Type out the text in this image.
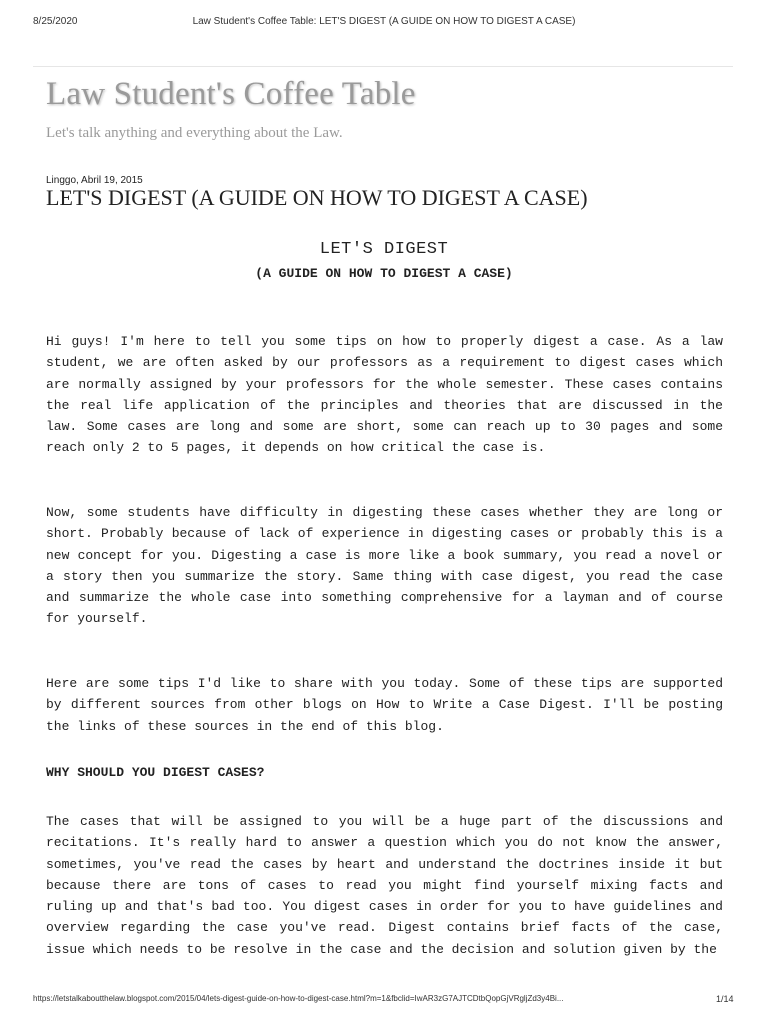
8/25/2020	Law Student's Coffee Table: LET'S DIGEST (A GUIDE ON HOW TO DIGEST A CASE)
Law Student's Coffee Table
Let's talk anything and everything about the Law.
Linggo, Abril 19, 2015
LET'S DIGEST (A GUIDE ON HOW TO DIGEST A CASE)
LET'S DIGEST
(A GUIDE ON HOW TO DIGEST A CASE)

Hi guys! I'm here to tell you some tips on how to properly digest a case. As a law student, we are often asked by our professors as a requirement to digest cases which are normally assigned by your professors for the whole semester. These cases contains the real life application of the principles and theories that are discussed in the law. Some cases are long and some are short, some can reach up to 30 pages and some reach only 2 to 5 pages, it depends on how critical the case is.

Now, some students have difficulty in digesting these cases whether they are long or short. Probably because of lack of experience in digesting cases or probably this is a new concept for you. Digesting a case is more like a book summary, you read a novel or a story then you summarize the story. Same thing with case digest, you read the case and summarize the whole case into something comprehensive for a layman and of course for yourself.

Here are some tips I'd like to share with you today. Some of these tips are supported by different sources from other blogs on How to Write a Case Digest. I'll be posting the links of these sources in the end of this blog.

WHY SHOULD YOU DIGEST CASES?

The cases that will be assigned to you will be a huge part of the discussions and recitations. It's really hard to answer a question which you do not know the answer, sometimes, you've read the cases by heart and understand the doctrines inside it but because there are tons of cases to read you might find yourself mixing facts and ruling up and that's bad too. You digest cases in order for you to have guidelines and overview regarding the case you've read. Digest contains brief facts of the case, issue which needs to be resolve in the case and the decision and solution given by the

https://letstalkaboutthelaw.blogspot.com/2015/04/lets-digest-guide-on-how-to-digest-case.html?m=1&fbclid=IwAR3zG7AJTCDtbQopGjVRgljZd3y4Bi...	1/14
